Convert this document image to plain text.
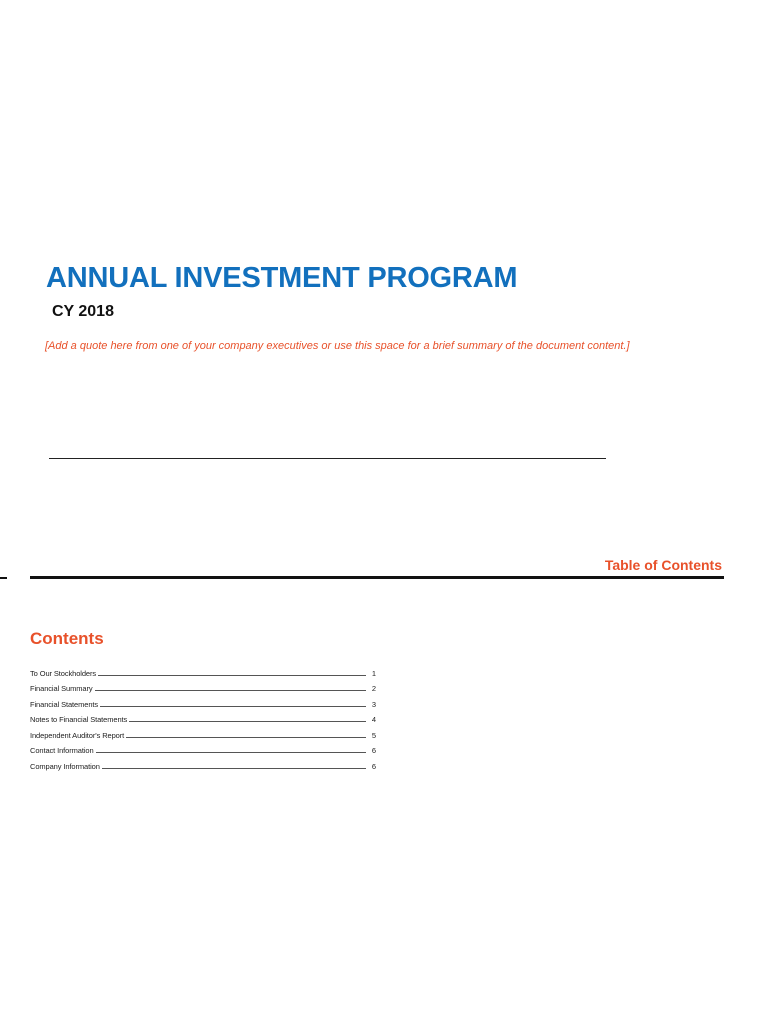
ANNUAL INVESTMENT PROGRAM
CY 2018
[Add a quote here from one of your company executives or use this space for a brief summary of the document content.]
Table of Contents
Contents
To Our Stockholders	1
Financial Summary	2
Financial Statements	3
Notes to Financial Statements	4
Independent Auditor's Report	5
Contact Information	6
Company Information	6
